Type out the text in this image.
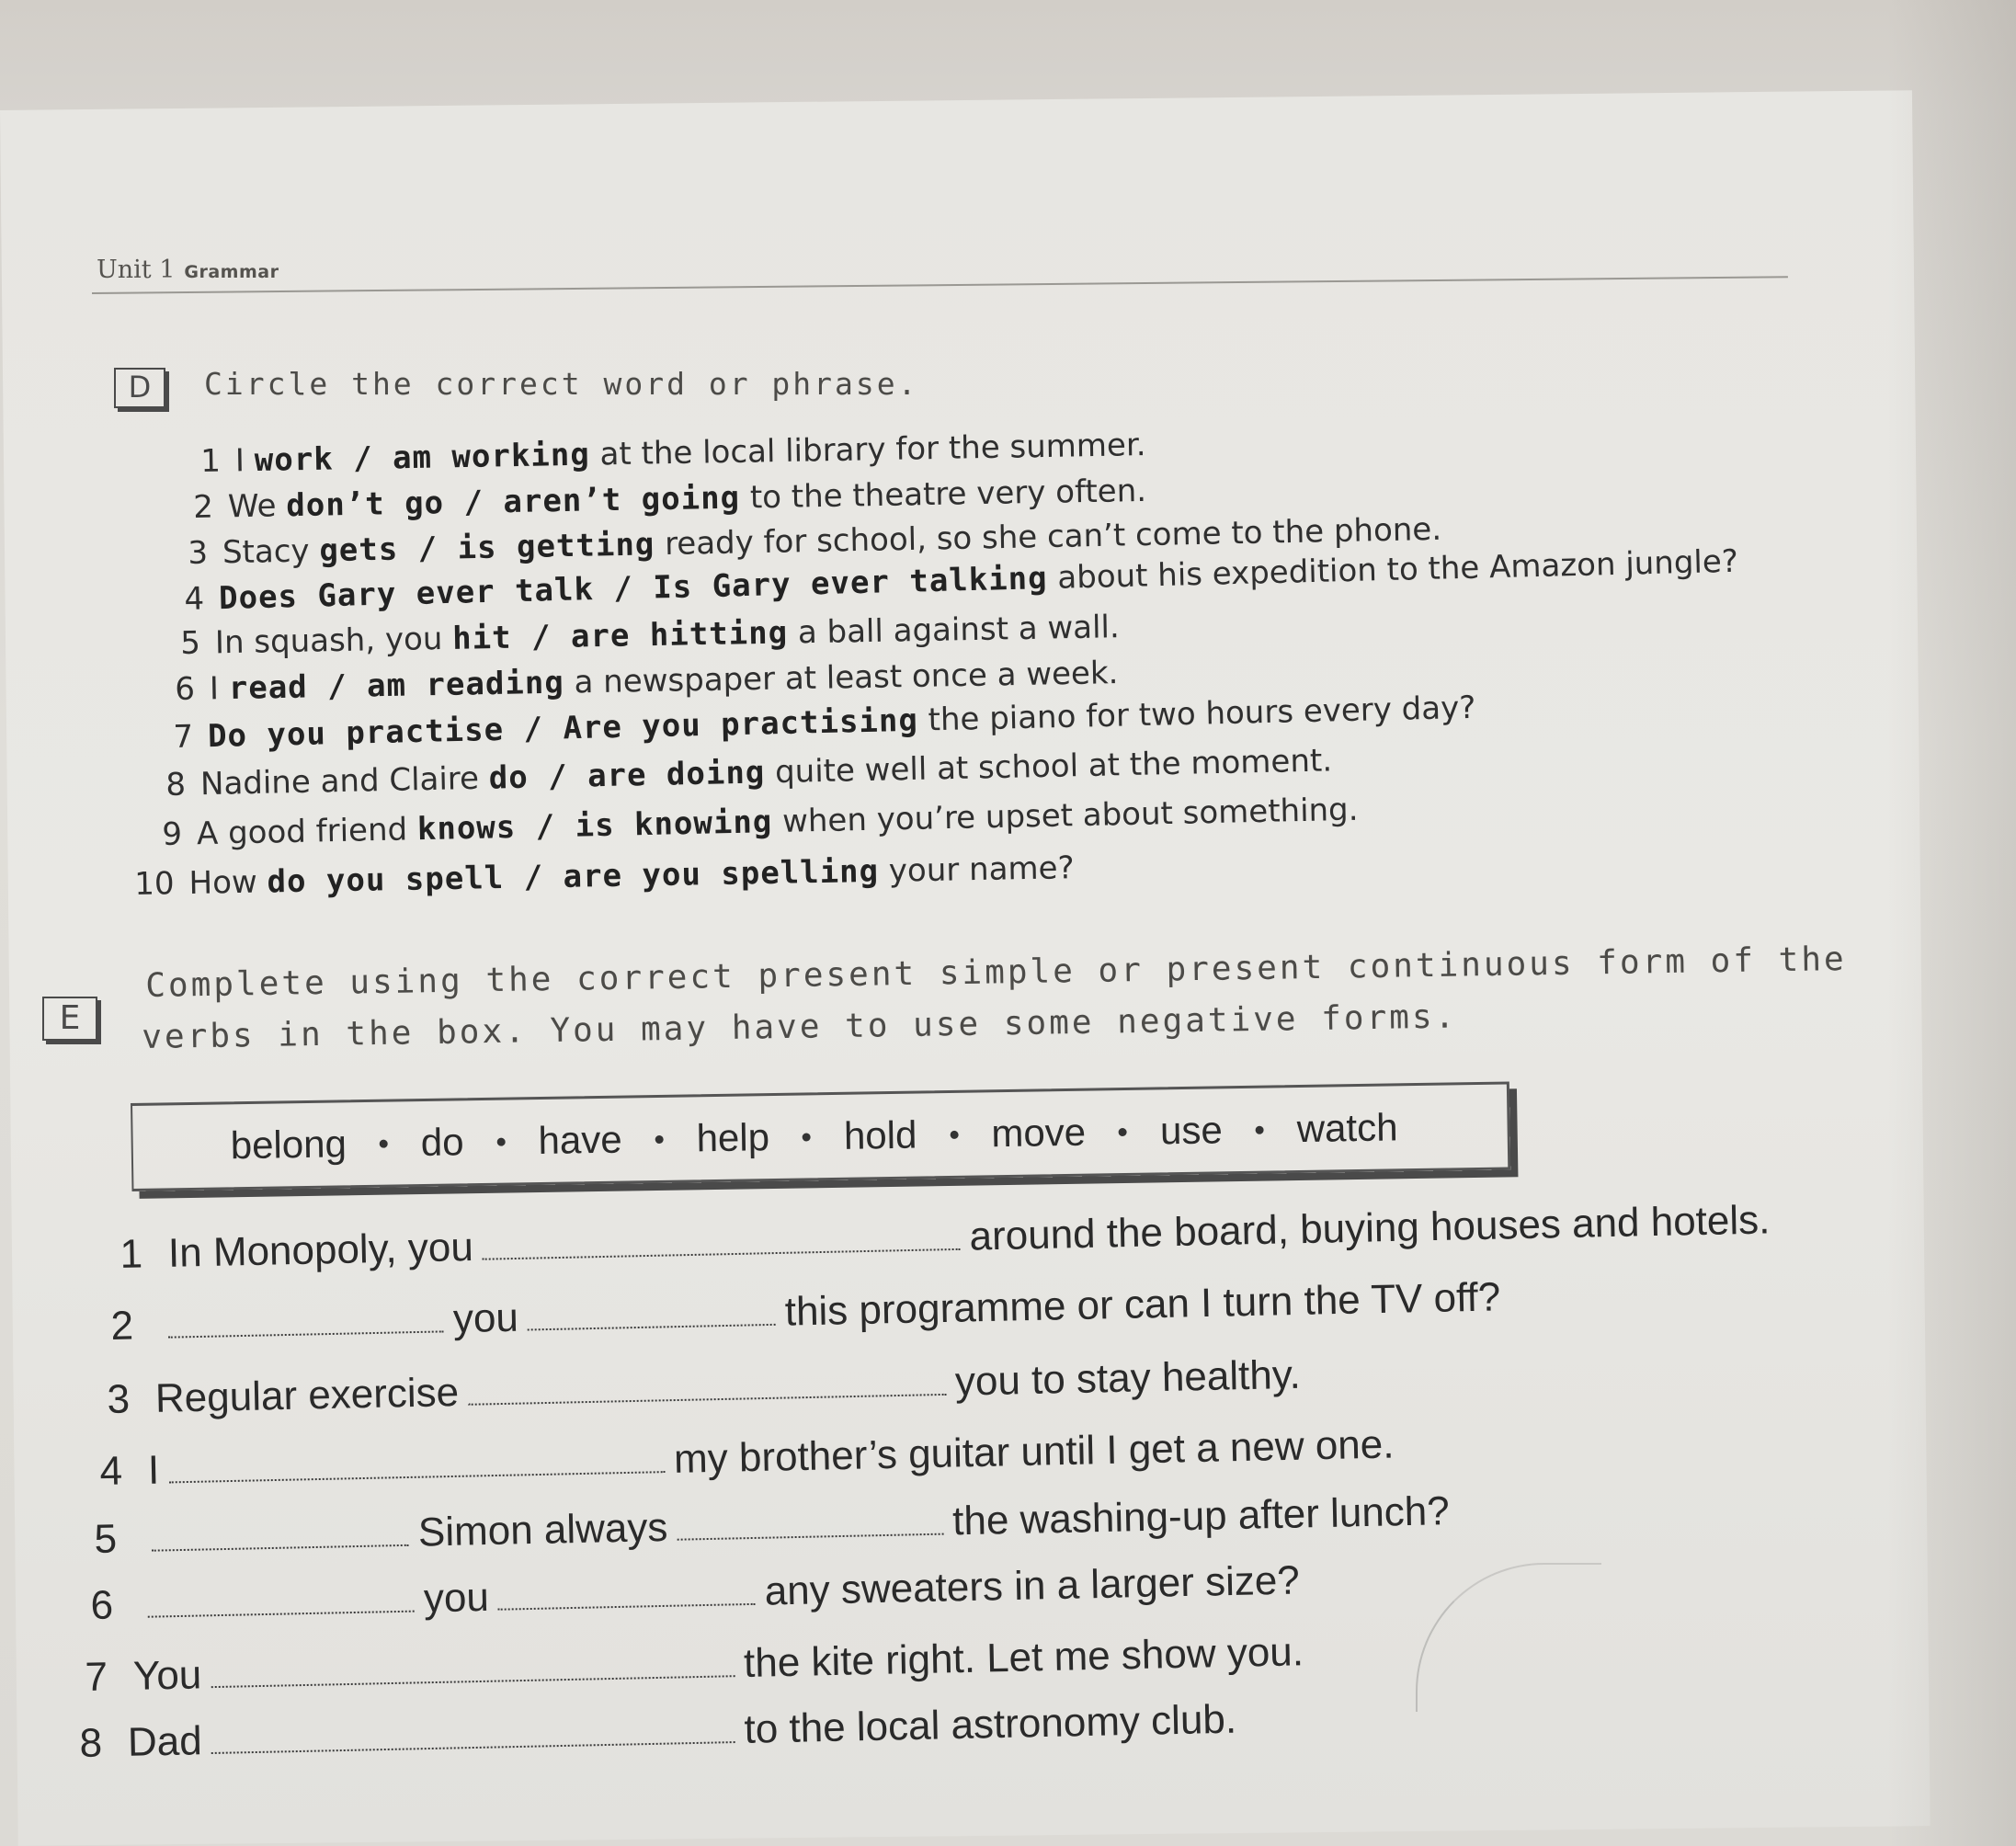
Unit 1 Grammar
D	Circle the correct word or phrase.
1 I work / am working at the local library for the summer.
2 We don’t go / aren’t going to the theatre very often.
3 Stacy gets / is getting ready for school, so she can’t come to the phone.
4 Does Gary ever talk / Is Gary ever talking about his expedition to the Amazon jungle?
5 In squash, you hit / are hitting a ball against a wall.
6 I read / am reading a newspaper at least once a week.
7 Do you practise / Are you practising the piano for two hours every day?
8 Nadine and Claire do / are doing quite well at school at the moment.
9 A good friend knows / is knowing when you’re upset about something.
10 How do you spell / are you spelling your name?
E
Complete using the correct present simple or present continuous form of the
verbs in the box. You may have to use some negative forms.
belong do have help hold move use watch
1 In Monopoly, you	around the board, buying houses and hotels.
2	you	this programme or can I turn the TV off?
3 Regular exercise	you to stay healthy.
4 I	my brother’s guitar until I get a new one.
5	Simon always	the washing-up after lunch?
6	you	any sweaters in a larger size?
7 You	the kite right. Let me show you.
8 Dad	to the local astronomy club.
